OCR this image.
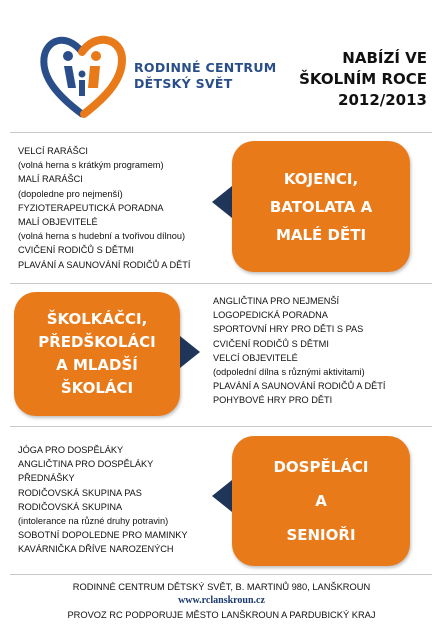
RODINNÉ CENTRUM
DĚTSKÝ SVĚT
NABÍZÍ VE
ŠKOLNÍM ROCE
2012/2013
VELCÍ RARÁŠCI
(volná herna s krátkým programem)
MALÍ RARÁŠCI
(dopoledne pro nejmenší)
FYZIOTERAPEUTICKÁ PORADNA
MALÍ OBJEVITELÉ
(volná herna s hudební a tvořivou dílnou)
CVIČENÍ RODIČŮ S DĚTMI
PLAVÁNÍ A SAUNOVÁNÍ RODIČŮ A DĚTÍ
KOJENCI,
BATOLATA A
MALÉ DĚTI
ŠKOLKÁČCI,
PŘEDŠKOLÁCI
A MLADŠÍ
ŠKOLÁCI
ANGLIČTINA PRO NEJMENŠÍ
LOGOPEDICKÁ PORADNA
SPORTOVNÍ HRY PRO DĚTI S PAS
CVIČENÍ RODIČŮ S DĚTMI
VELCÍ OBJEVITELÉ
(odpolední dílna s různými aktivitami)
PLAVÁNÍ A SAUNOVÁNÍ RODIČŮ A DĚTÍ
POHYBOVÉ HRY PRO DĚTI
JÓGA PRO DOSPĚLÁKY
ANGLIČTINA PRO DOSPĚLÁKY
PŘEDNÁŠKY
RODIČOVSKÁ SKUPINA PAS
RODIČOVSKÁ SKUPINA
(intolerance na různé druhy potravin)
SOBOTNÍ DOPOLEDNE PRO MAMINKY
KAVÁRNIČKA DŘÍVE NAROZENÝCH
DOSPĚLÁCI
A
SENIOŘI
RODINNÉ CENTRUM DĚTSKÝ SVĚT, B. MARTINŮ 980, LANŠKROUN
www.rclanskroun.cz
PROVOZ RC PODPORUJE MĚSTO LANŠKROUN A PARDUBICKÝ KRAJ
